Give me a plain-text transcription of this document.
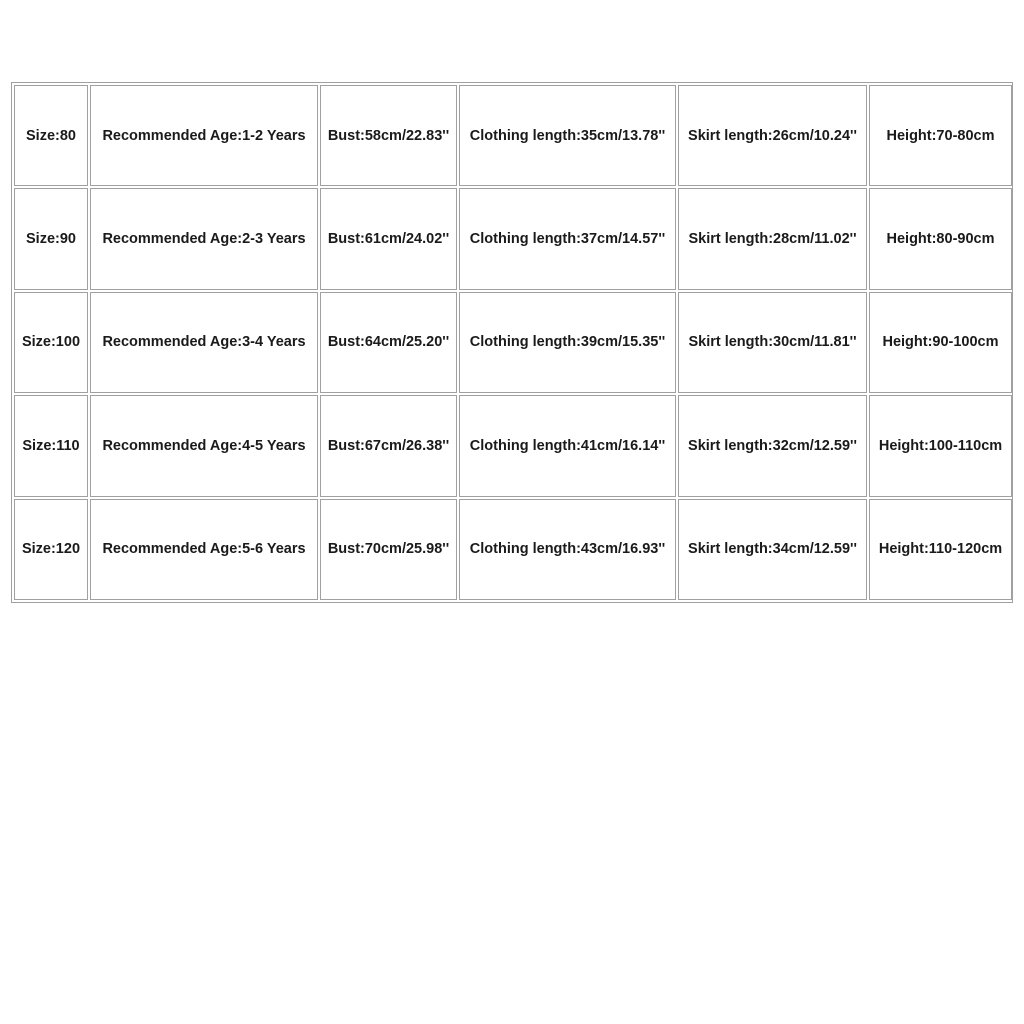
Size:80	Recommended Age:1-2 Years	Bust:58cm/22.83''	Clothing length:35cm/13.78''	Skirt length:26cm/10.24''	Height:70-80cm
Size:90	Recommended Age:2-3 Years	Bust:61cm/24.02''	Clothing length:37cm/14.57''	Skirt length:28cm/11.02''	Height:80-90cm
Size:100	Recommended Age:3-4 Years	Bust:64cm/25.20''	Clothing length:39cm/15.35''	Skirt length:30cm/11.81''	Height:90-100cm
Size:110	Recommended Age:4-5 Years	Bust:67cm/26.38''	Clothing length:41cm/16.14''	Skirt length:32cm/12.59''	Height:100-110cm
Size:120	Recommended Age:5-6 Years	Bust:70cm/25.98''	Clothing length:43cm/16.93''	Skirt length:34cm/12.59''	Height:110-120cm
